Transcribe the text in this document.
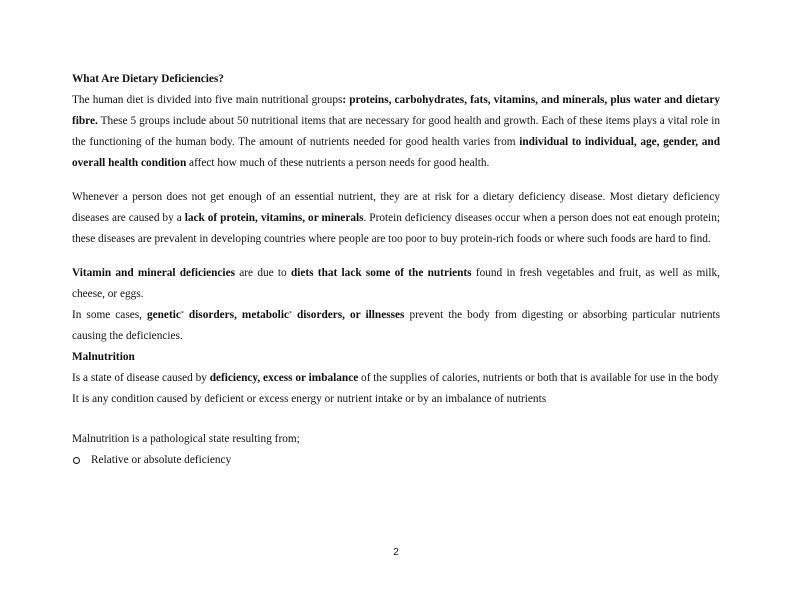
What Are Dietary Deficiencies?

The human diet is divided into five main nutritional groups: proteins, carbohydrates, fats, vitamins, and minerals, plus water and dietary fibre. These 5 groups include about 50 nutritional items that are necessary for good health and growth. Each of these items plays a vital role in the functioning of the human body. The amount of nutrients needed for good health varies from individual to individual, age, gender, and overall health condition affect how much of these nutrients a person needs for good health.

Whenever a person does not get enough of an essential nutrient, they are at risk for a dietary deficiency disease. Most dietary deficiency diseases are caused by a lack of protein, vitamins, or minerals. Protein deficiency diseases occur when a person does not eat enough protein; these diseases are prevalent in developing countries where people are too poor to buy protein-rich foods or where such foods are hard to find.

Vitamin and mineral deficiencies are due to diets that lack some of the nutrients found in fresh vegetables and fruit, as well as milk, cheese, or eggs.

In some cases, genetic* disorders, metabolic* disorders, or illnesses prevent the body from digesting or absorbing particular nutrients causing the deficiencies.

Malnutrition

Is a state of disease caused by deficiency, excess or imbalance of the supplies of calories, nutrients or both that is available for use in the body

It is any condition caused by deficient or excess energy or nutrient intake or by an imbalance of nutrients

Malnutrition is a pathological state resulting from;

Relative or absolute deficiency
2
